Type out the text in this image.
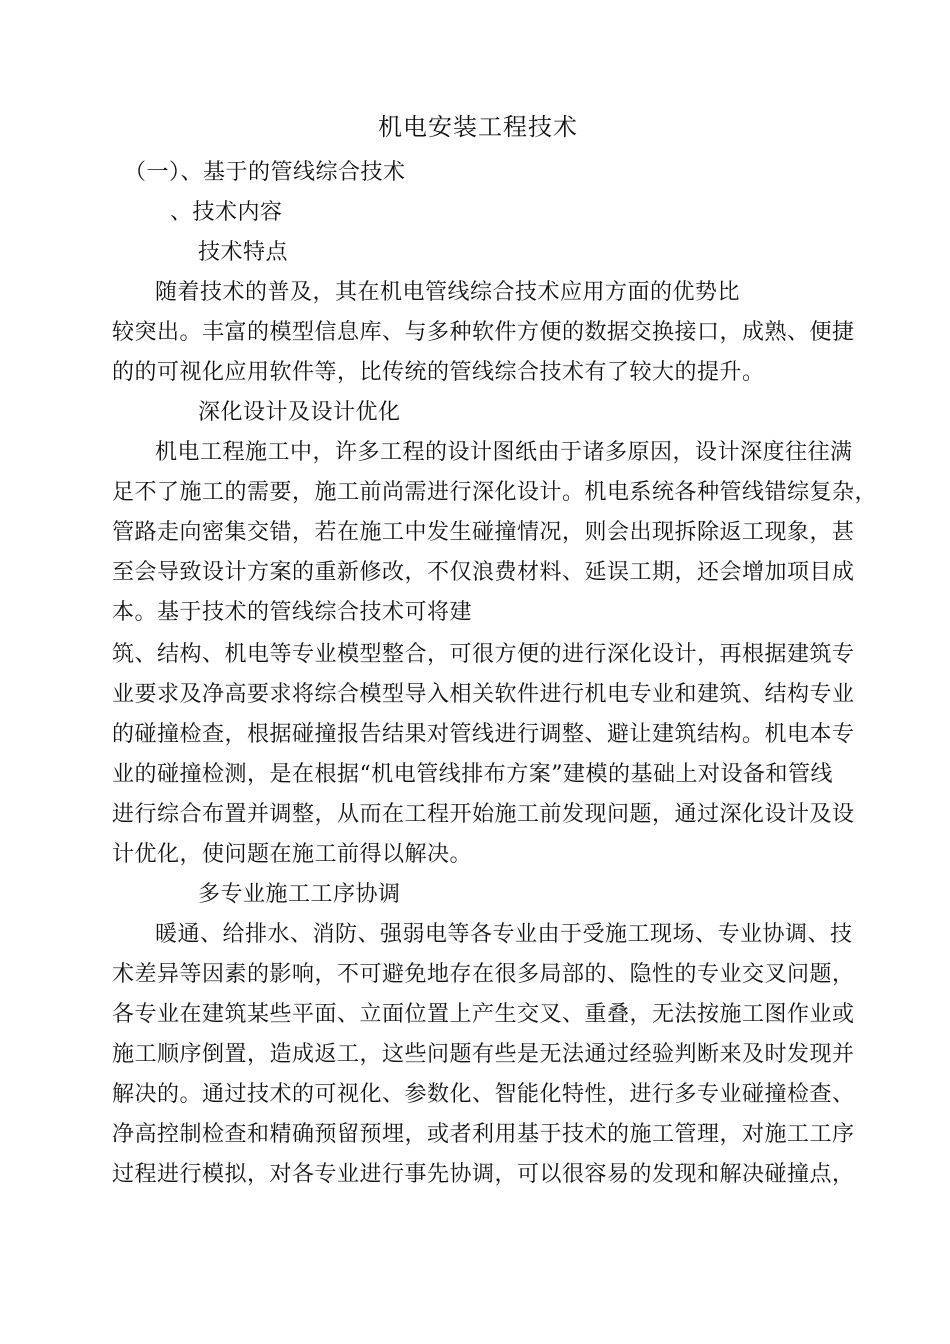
机电安装工程技术
（一）、基于的管线综合技术
、技术内容
技术特点
随着技术的普及，其在机电管线综合技术应用方面的优势比
较突出。丰富的模型信息库、与多种软件方便的数据交换接口，成熟、便捷
的的可视化应用软件等，比传统的管线综合技术有了较大的提升。
深化设计及设计优化
机电工程施工中，许多工程的设计图纸由于诸多原因，设计深度往往满
足不了施工的需要，施工前尚需进行深化设计。机电系统各种管线错综复杂，
管路走向密集交错，若在施工中发生碰撞情况，则会出现拆除返工现象，甚
至会导致设计方案的重新修改，不仅浪费材料、延误工期，还会增加项目成
本。基于技术的管线综合技术可将建
筑、结构、机电等专业模型整合，可很方便的进行深化设计，再根据建筑专
业要求及净高要求将综合模型导入相关软件进行机电专业和建筑、结构专业
的碰撞检查，根据碰撞报告结果对管线进行调整、避让建筑结构。机电本专
业的碰撞检测，是在根据“机电管线排布方案”建模的基础上对设备和管线
进行综合布置并调整，从而在工程开始施工前发现问题，通过深化设计及设
计优化，使问题在施工前得以解决。
多专业施工工序协调
暖通、给排水、消防、强弱电等各专业由于受施工现场、专业协调、技
术差异等因素的影响，不可避免地存在很多局部的、隐性的专业交叉问题，
各专业在建筑某些平面、立面位置上产生交叉、重叠，无法按施工图作业或
施工顺序倒置，造成返工，这些问题有些是无法通过经验判断来及时发现并
解决的。通过技术的可视化、参数化、智能化特性，进行多专业碰撞检查、
净高控制检查和精确预留预埋，或者利用基于技术的施工管理，对施工工序
过程进行模拟，对各专业进行事先协调，可以很容易的发现和解决碰撞点，
